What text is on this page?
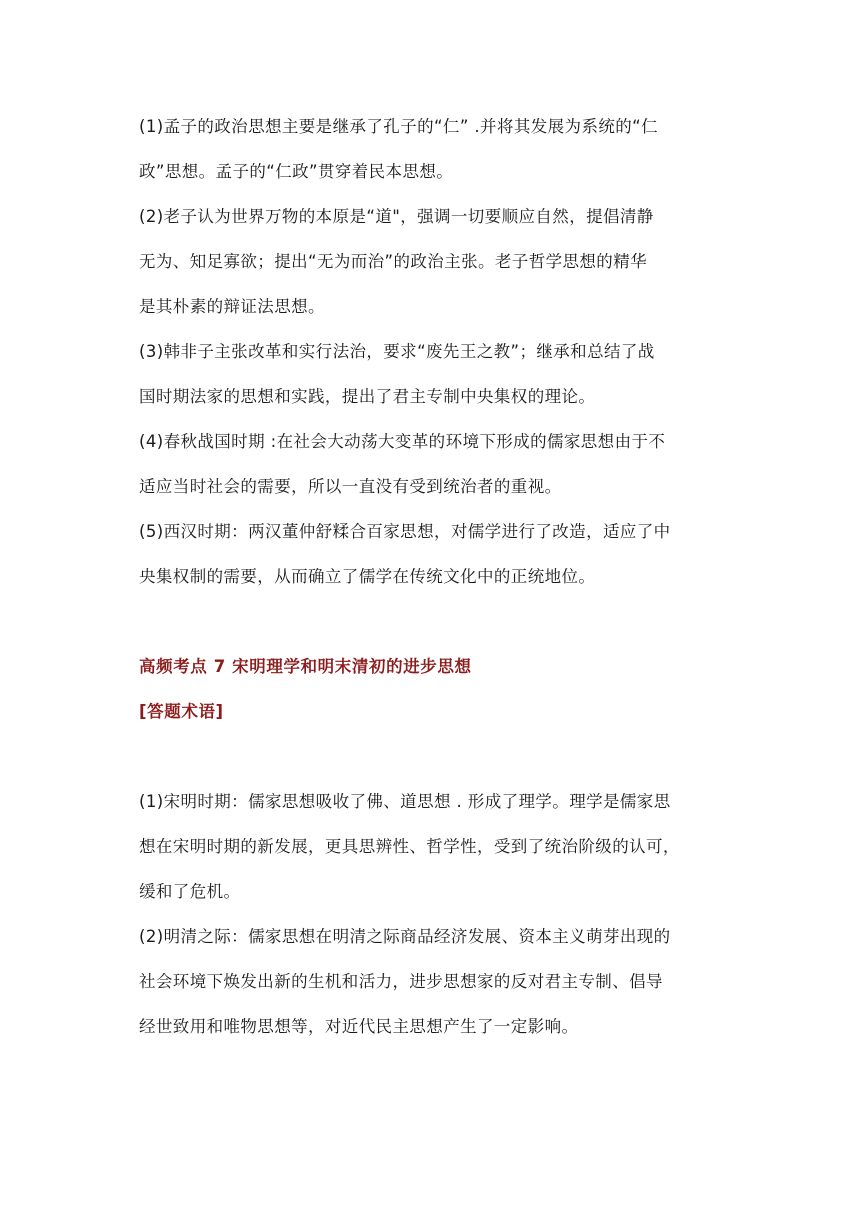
(1)孟子的政治思想主要是继承了孔子的“仁” .并将其发展为系统的“仁
政”思想。孟子的“仁政”贯穿着民本思想。
(2)老子认为世界万物的本原是“道"，强调一切要顺应自然，提倡清静
无为、知足寡欲；提出“无为而治”的政治主张。老子哲学思想的精华
是其朴素的辩证法思想。
(3)韩非子主张改革和实行法治，要求“废先王之教”；继承和总结了战
国时期法家的思想和实践，提出了君主专制中央集权的理论。
(4)春秋战国时期 :在社会大动荡大变革的环境下形成的儒家思想由于不
适应当时社会的需要，所以一直没有受到统治者的重视。
(5)西汉时期：两汉董仲舒糅合百家思想，对儒学进行了改造，适应了中
央集权制的需要，从而确立了儒学在传统文化中的正统地位。
高频考点 7 宋明理学和明末清初的进步思想
[答题术语]
(1)宋明时期：儒家思想吸收了佛、道思想 . 形成了理学。理学是儒家思
想在宋明时期的新发展，更具思辨性、哲学性，受到了统治阶级的认可，
缓和了危机。
(2)明清之际：儒家思想在明清之际商品经济发展、资本主义萌芽出现的
社会环境下焕发出新的生机和活力，进步思想家的反对君主专制、倡导
经世致用和唯物思想等，对近代民主思想产生了一定影响。
